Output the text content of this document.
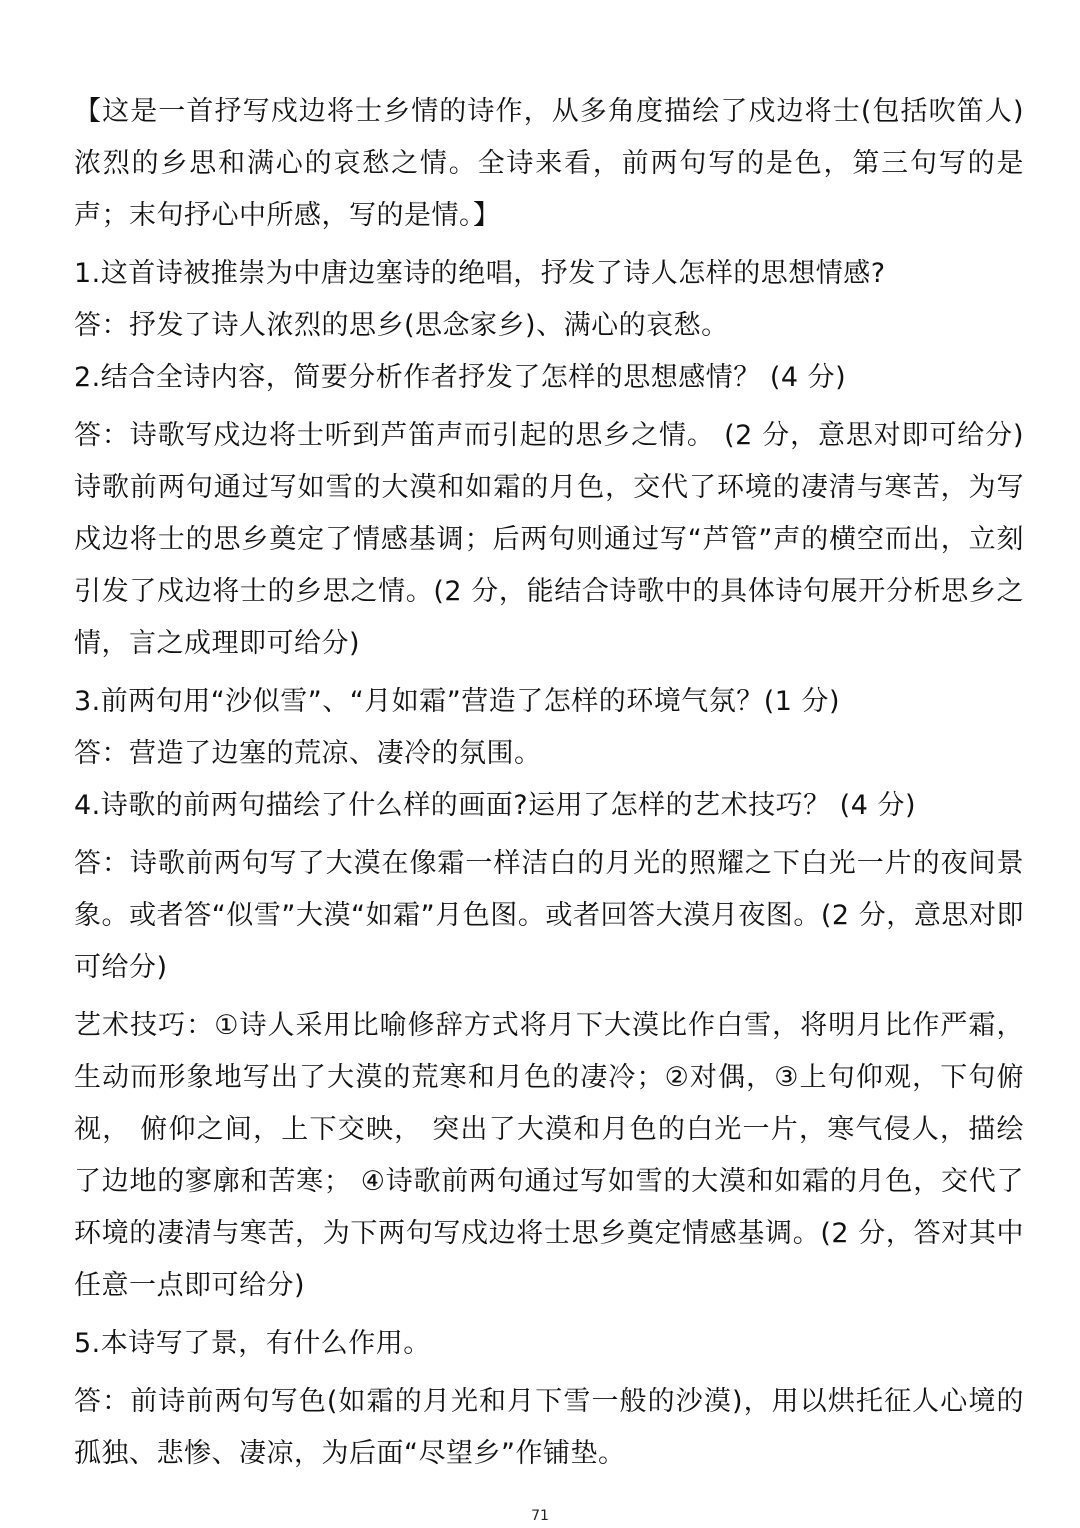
【这是一首抒写戍边将士乡情的诗作，从多角度描绘了戍边将士(包括吹笛人)浓烈的乡思和满心的哀愁之情。全诗来看，前两句写的是色，第三句写的是声；末句抒心中所感，写的是情。】

1.这首诗被推崇为中唐边塞诗的绝唱，抒发了诗人怎样的思想情感?

答：抒发了诗人浓烈的思乡(思念家乡)、满心的哀愁。

2.结合全诗内容，简要分析作者抒发了怎样的思想感情？ (4 分)

答：诗歌写戍边将士听到芦笛声而引起的思乡之情。 (2 分，意思对即可给分)诗歌前两句通过写如雪的大漠和如霜的月色，交代了环境的凄清与寒苦，为写戍边将士的思乡奠定了情感基调；后两句则通过写“芦管”声的横空而出，立刻引发了戍边将士的乡思之情。(2 分，能结合诗歌中的具体诗句展开分析思乡之情，言之成理即可给分)

3.前两句用“沙似雪”、“月如霜”营造了怎样的环境气氛？(1 分)

答：营造了边塞的荒凉、凄冷的氛围。

4.诗歌的前两句描绘了什么样的画面?运用了怎样的艺术技巧？ (4 分)

答：诗歌前两句写了大漠在像霜一样洁白的月光的照耀之下白光一片的夜间景象。或者答“似雪”大漠“如霜”月色图。或者回答大漠月夜图。(2 分，意思对即可给分)

艺术技巧：①诗人采用比喻修辞方式将月下大漠比作白雪，将明月比作严霜，生动而形象地写出了大漠的荒寒和月色的凄冷；②对偶，③上句仰观，下句俯视， 俯仰之间，上下交映， 突出了大漠和月色的白光一片，寒气侵人，描绘了边地的寥廓和苦寒； ④诗歌前两句通过写如雪的大漠和如霜的月色，交代了环境的凄清与寒苦，为下两句写戍边将士思乡奠定情感基调。(2 分，答对其中任意一点即可给分)

5.本诗写了景，有什么作用。

答：前诗前两句写色(如霜的月光和月下雪一般的沙漠)，用以烘托征人心境的孤独、悲惨、凄凉，为后面“尽望乡”作铺垫。

71
